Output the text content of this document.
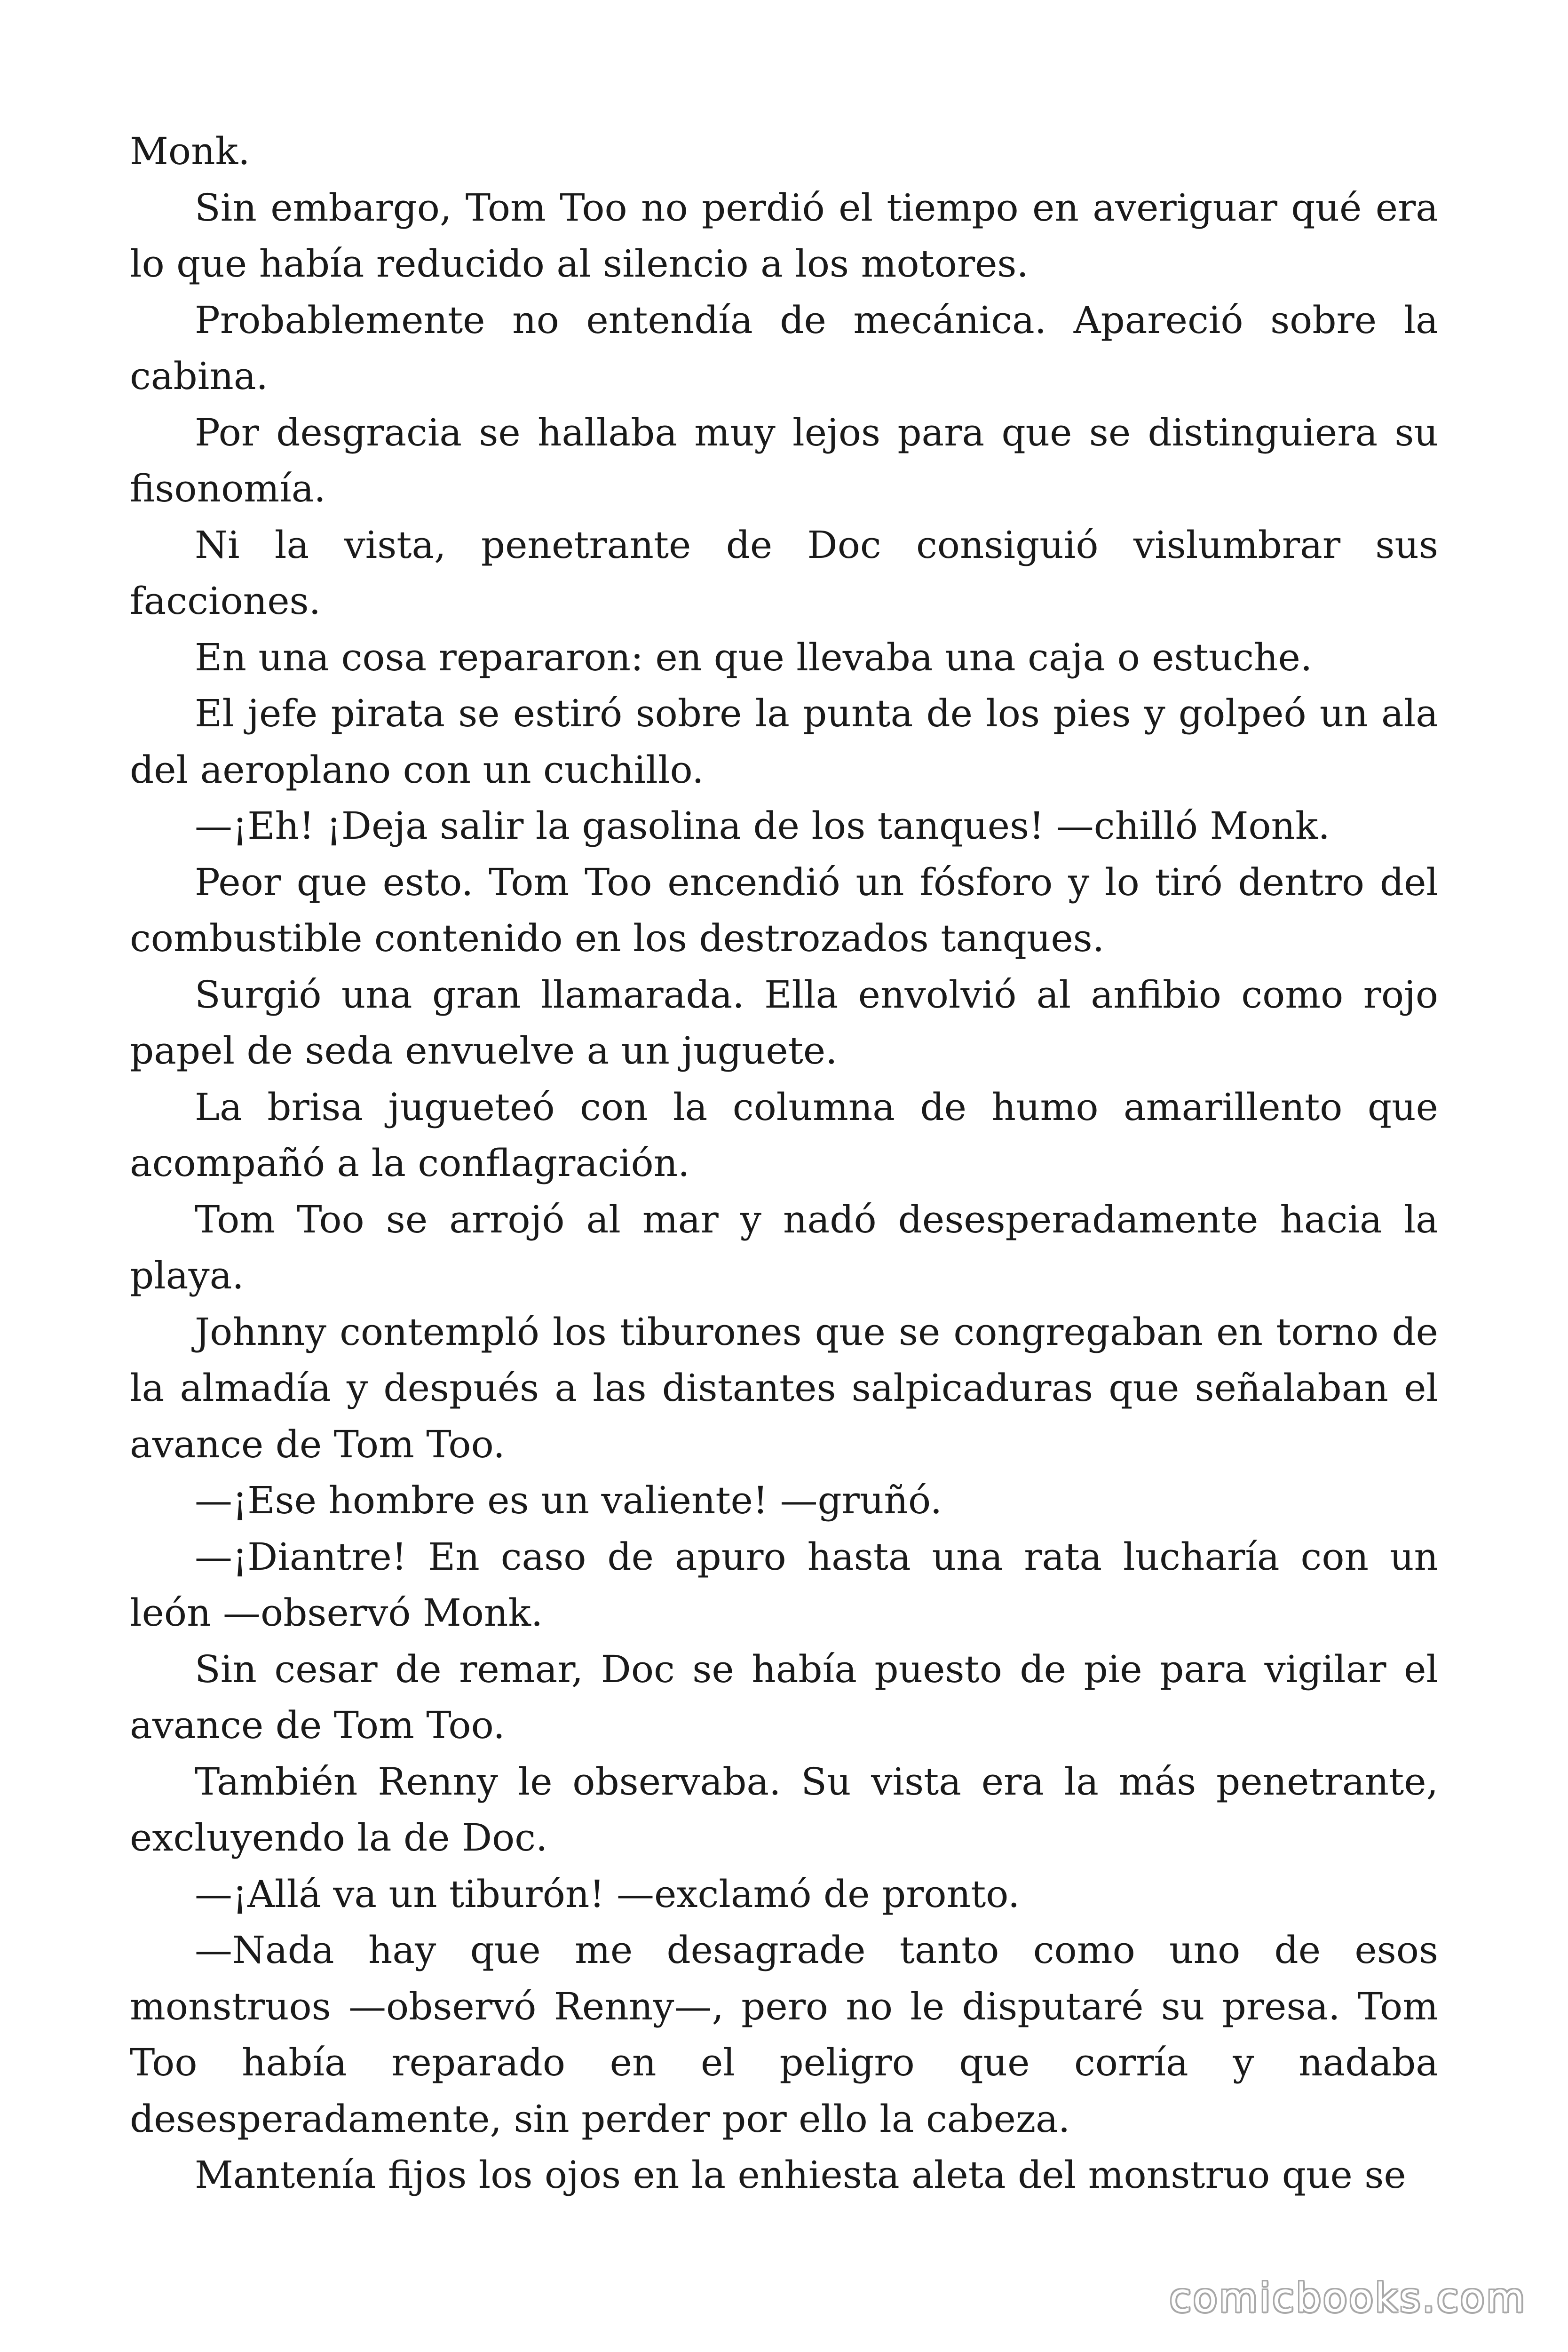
Monk.

Sin embargo, Tom Too no perdió el tiempo en averiguar qué era lo que había reducido al silencio a los motores.

Probablemente no entendía de mecánica. Apareció sobre la cabina.

Por desgracia se hallaba muy lejos para que se distinguiera su fisonomía.

Ni la vista, penetrante de Doc consiguió vislumbrar sus facciones.

En una cosa repararon: en que llevaba una caja o estuche.

El jefe pirata se estiró sobre la punta de los pies y golpeó un ala del aeroplano con un cuchillo.

—¡Eh! ¡Deja salir la gasolina de los tanques! —chilló Monk.

Peor que esto. Tom Too encendió un fósforo y lo tiró dentro del combustible contenido en los destrozados tanques.

Surgió una gran llamarada. Ella envolvió al anfibio como rojo papel de seda envuelve a un juguete.

La brisa jugueteó con la columna de humo amarillento que acompañó a la conflagración.

Tom Too se arrojó al mar y nadó desesperadamente hacia la playa.

Johnny contempló los tiburones que se congregaban en torno de la almadía y después a las distantes salpicaduras que señalaban el avance de Tom Too.

—¡Ese hombre es un valiente! —gruñó.

—¡Diantre! En caso de apuro hasta una rata lucharía con un león —observó Monk.

Sin cesar de remar, Doc se había puesto de pie para vigilar el avance de Tom Too.

También Renny le observaba. Su vista era la más penetrante, excluyendo la de Doc.

—¡Allá va un tiburón! —exclamó de pronto.

—Nada hay que me desagrade tanto como uno de esos monstruos —observó Renny—, pero no le disputaré su presa. Tom Too había reparado en el peligro que corría y nadaba desesperadamente, sin perder por ello la cabeza.

Mantenía fijos los ojos en la enhiesta aleta del monstruo que se

comicbooks.com
